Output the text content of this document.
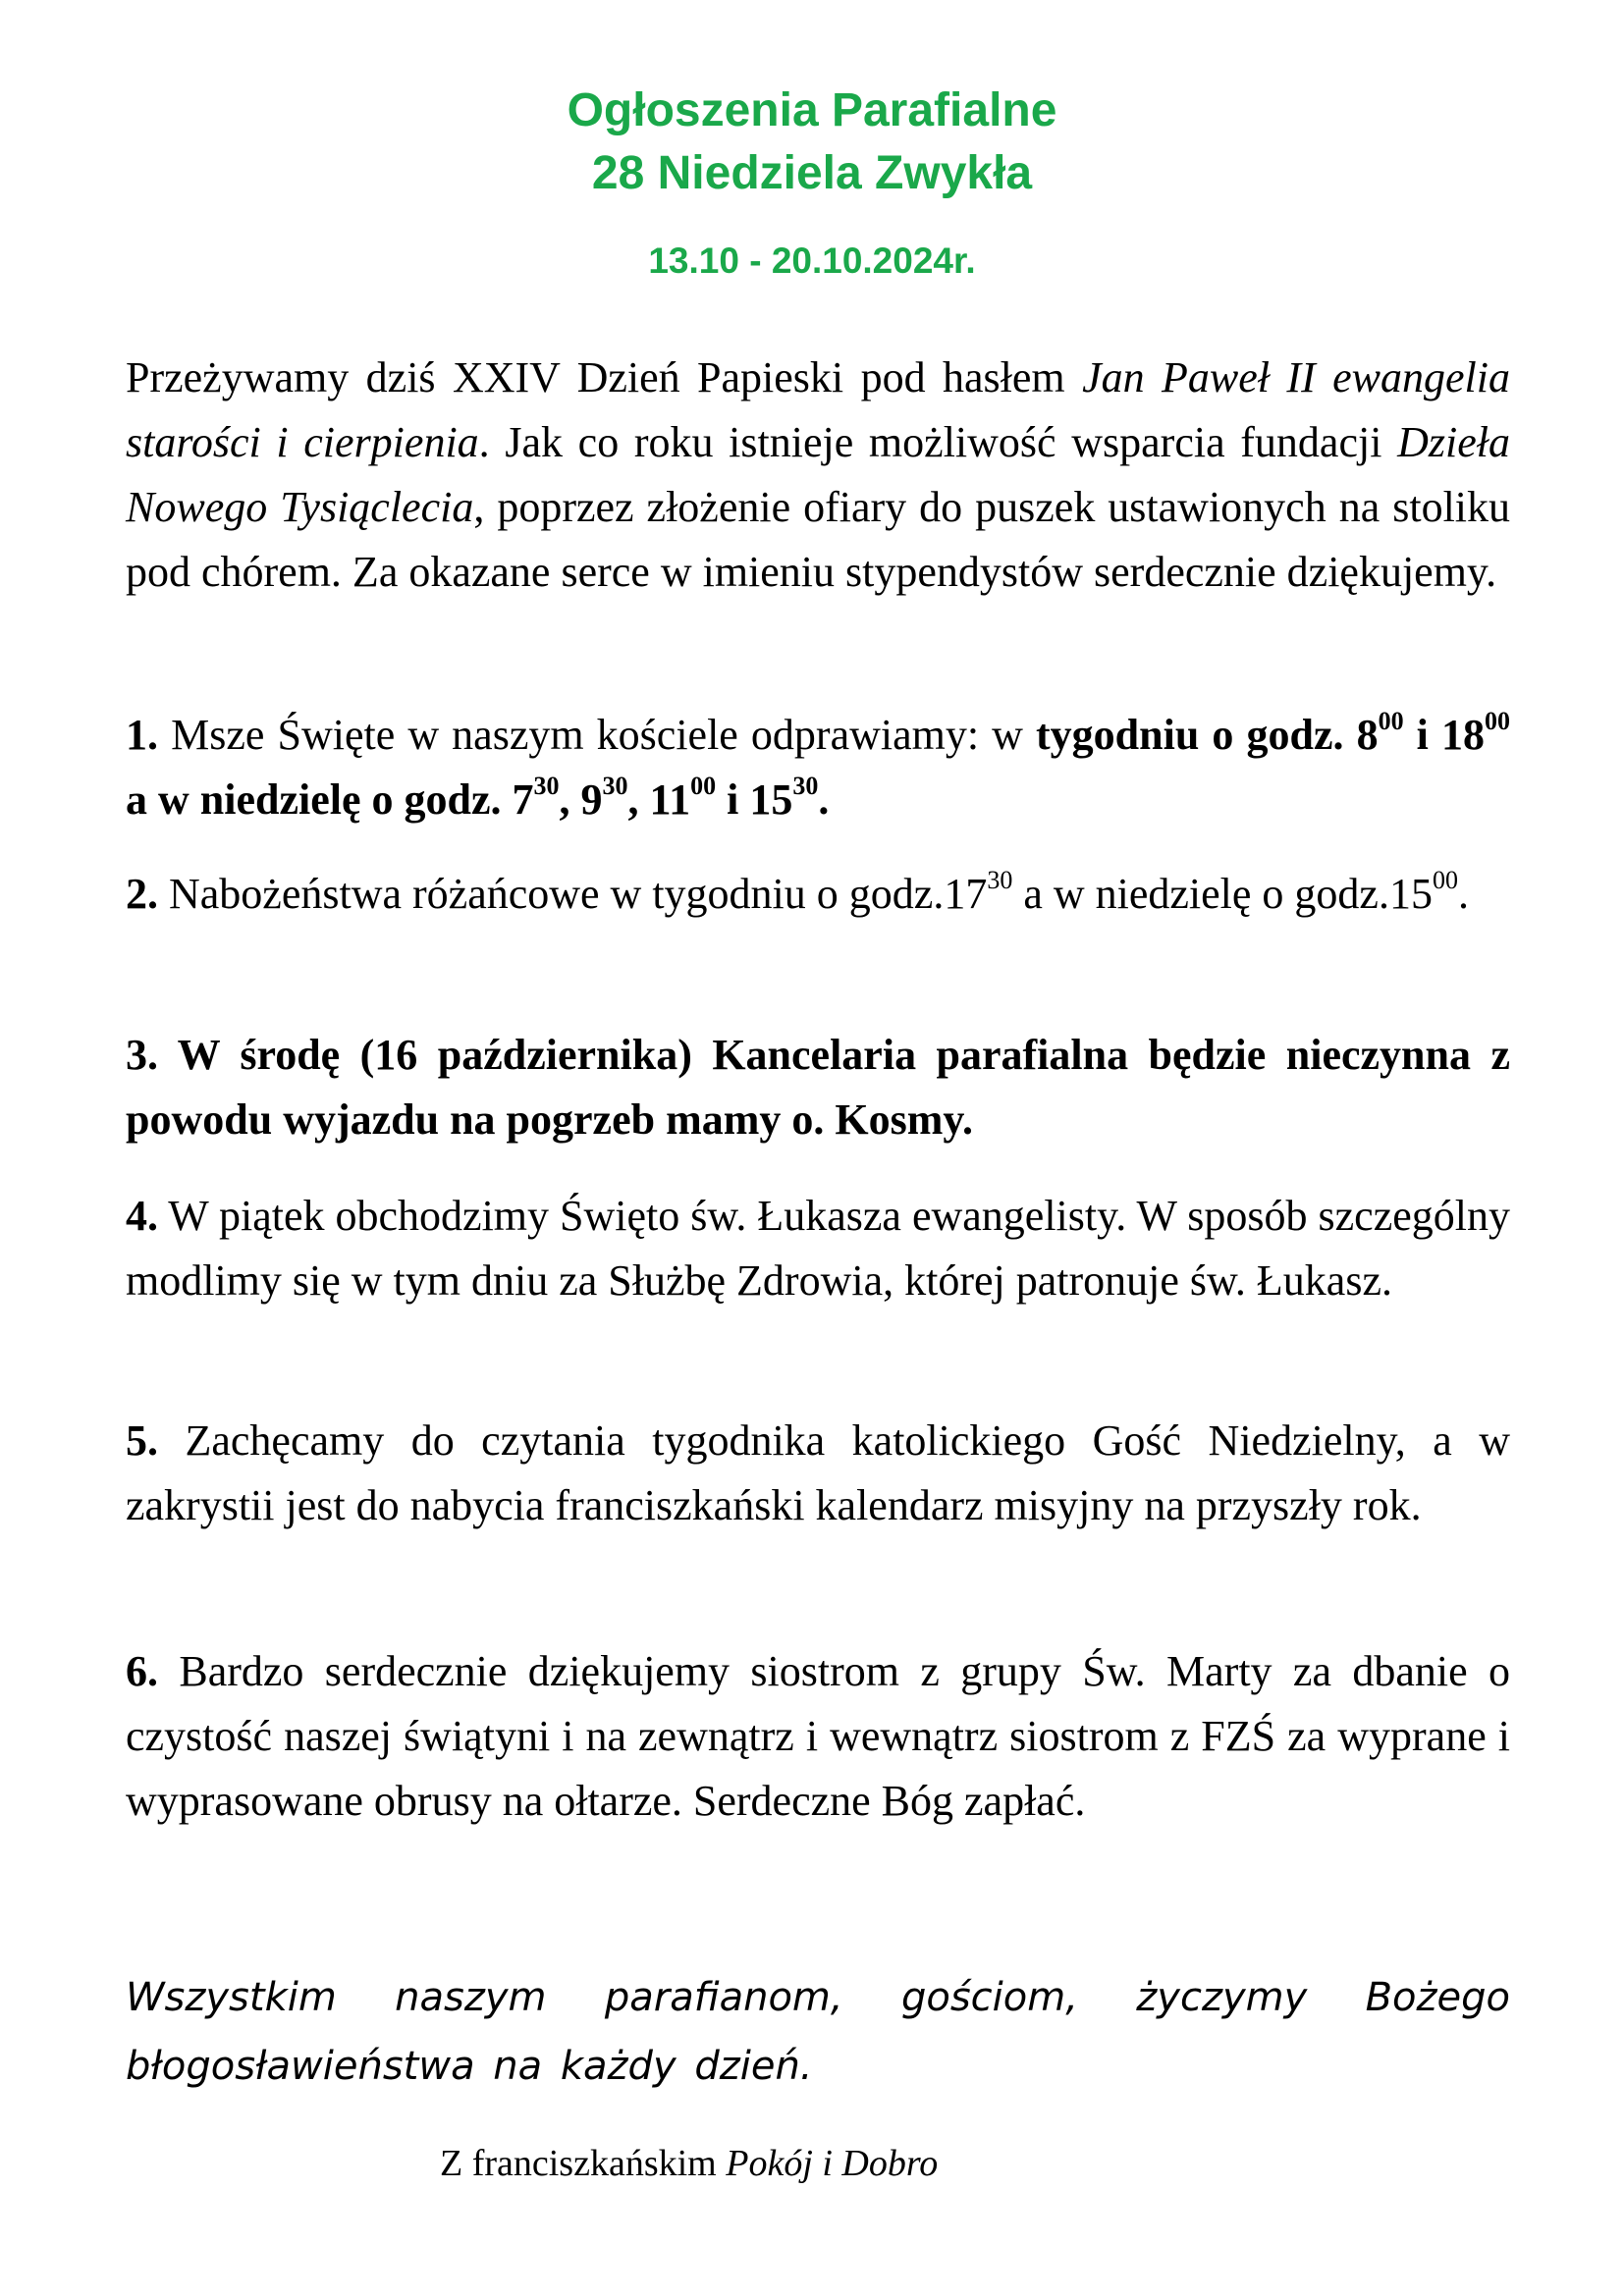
Ogłoszenia Parafialne
28 Niedziela Zwykła
13.10 - 20.10.2024r.

Przeżywamy dziś XXIV Dzień Papieski pod hasłem Jan Paweł II ewangelia starości i cierpienia. Jak co roku istnieje możliwość wsparcia fundacji Dzieła Nowego Tysiąclecia, poprzez złożenie ofiary do puszek ustawionych na stoliku pod chórem. Za okazane serce w imieniu stypendystów serdecznie dziękujemy.

1. Msze Święte w naszym kościele odprawiamy: w tygodniu o godz. $8^{00}$ i $18^{00}$ a w niedzielę o godz. $7^{30}$, $9^{30}$, $11^{00}$ i $15^{30}$.

2. Nabożeństwa różańcowe w tygodniu o $godz.17^{30}$ a w niedzielę o $godz.15^{00}$.

3. W środę (16 października) Kancelaria parafialna będzie nieczynna z powodu wyjazdu na pogrzeb mamy o. Kosmy.

4. W piątek obchodzimy Święto św. Łukasza ewangelisty. W sposób szczególny modlimy się w tym dniu za Służbę Zdrowia, której patronuje św. Łukasz.

5. Zachęcamy do czytania tygodnika katolickiego Gość Niedzielny, a w zakrystii jest do nabycia franciszkański kalendarz misyjny na przyszły rok.

6. Bardzo serdecznie dziękujemy siostrom z grupy Św. Marty za dbanie o czystość naszej świątyni i na zewnątrz i wewnątrz siostrom z FZŚ za wyprane i wyprasowane obrusy na ołtarze. Serdeczne Bóg zapłać.

Wszystkim naszym parafianom, gościom, życzymy Bożego błogosławieństwa na każdy dzień.

Z franciszkańskim Pokój i Dobro
